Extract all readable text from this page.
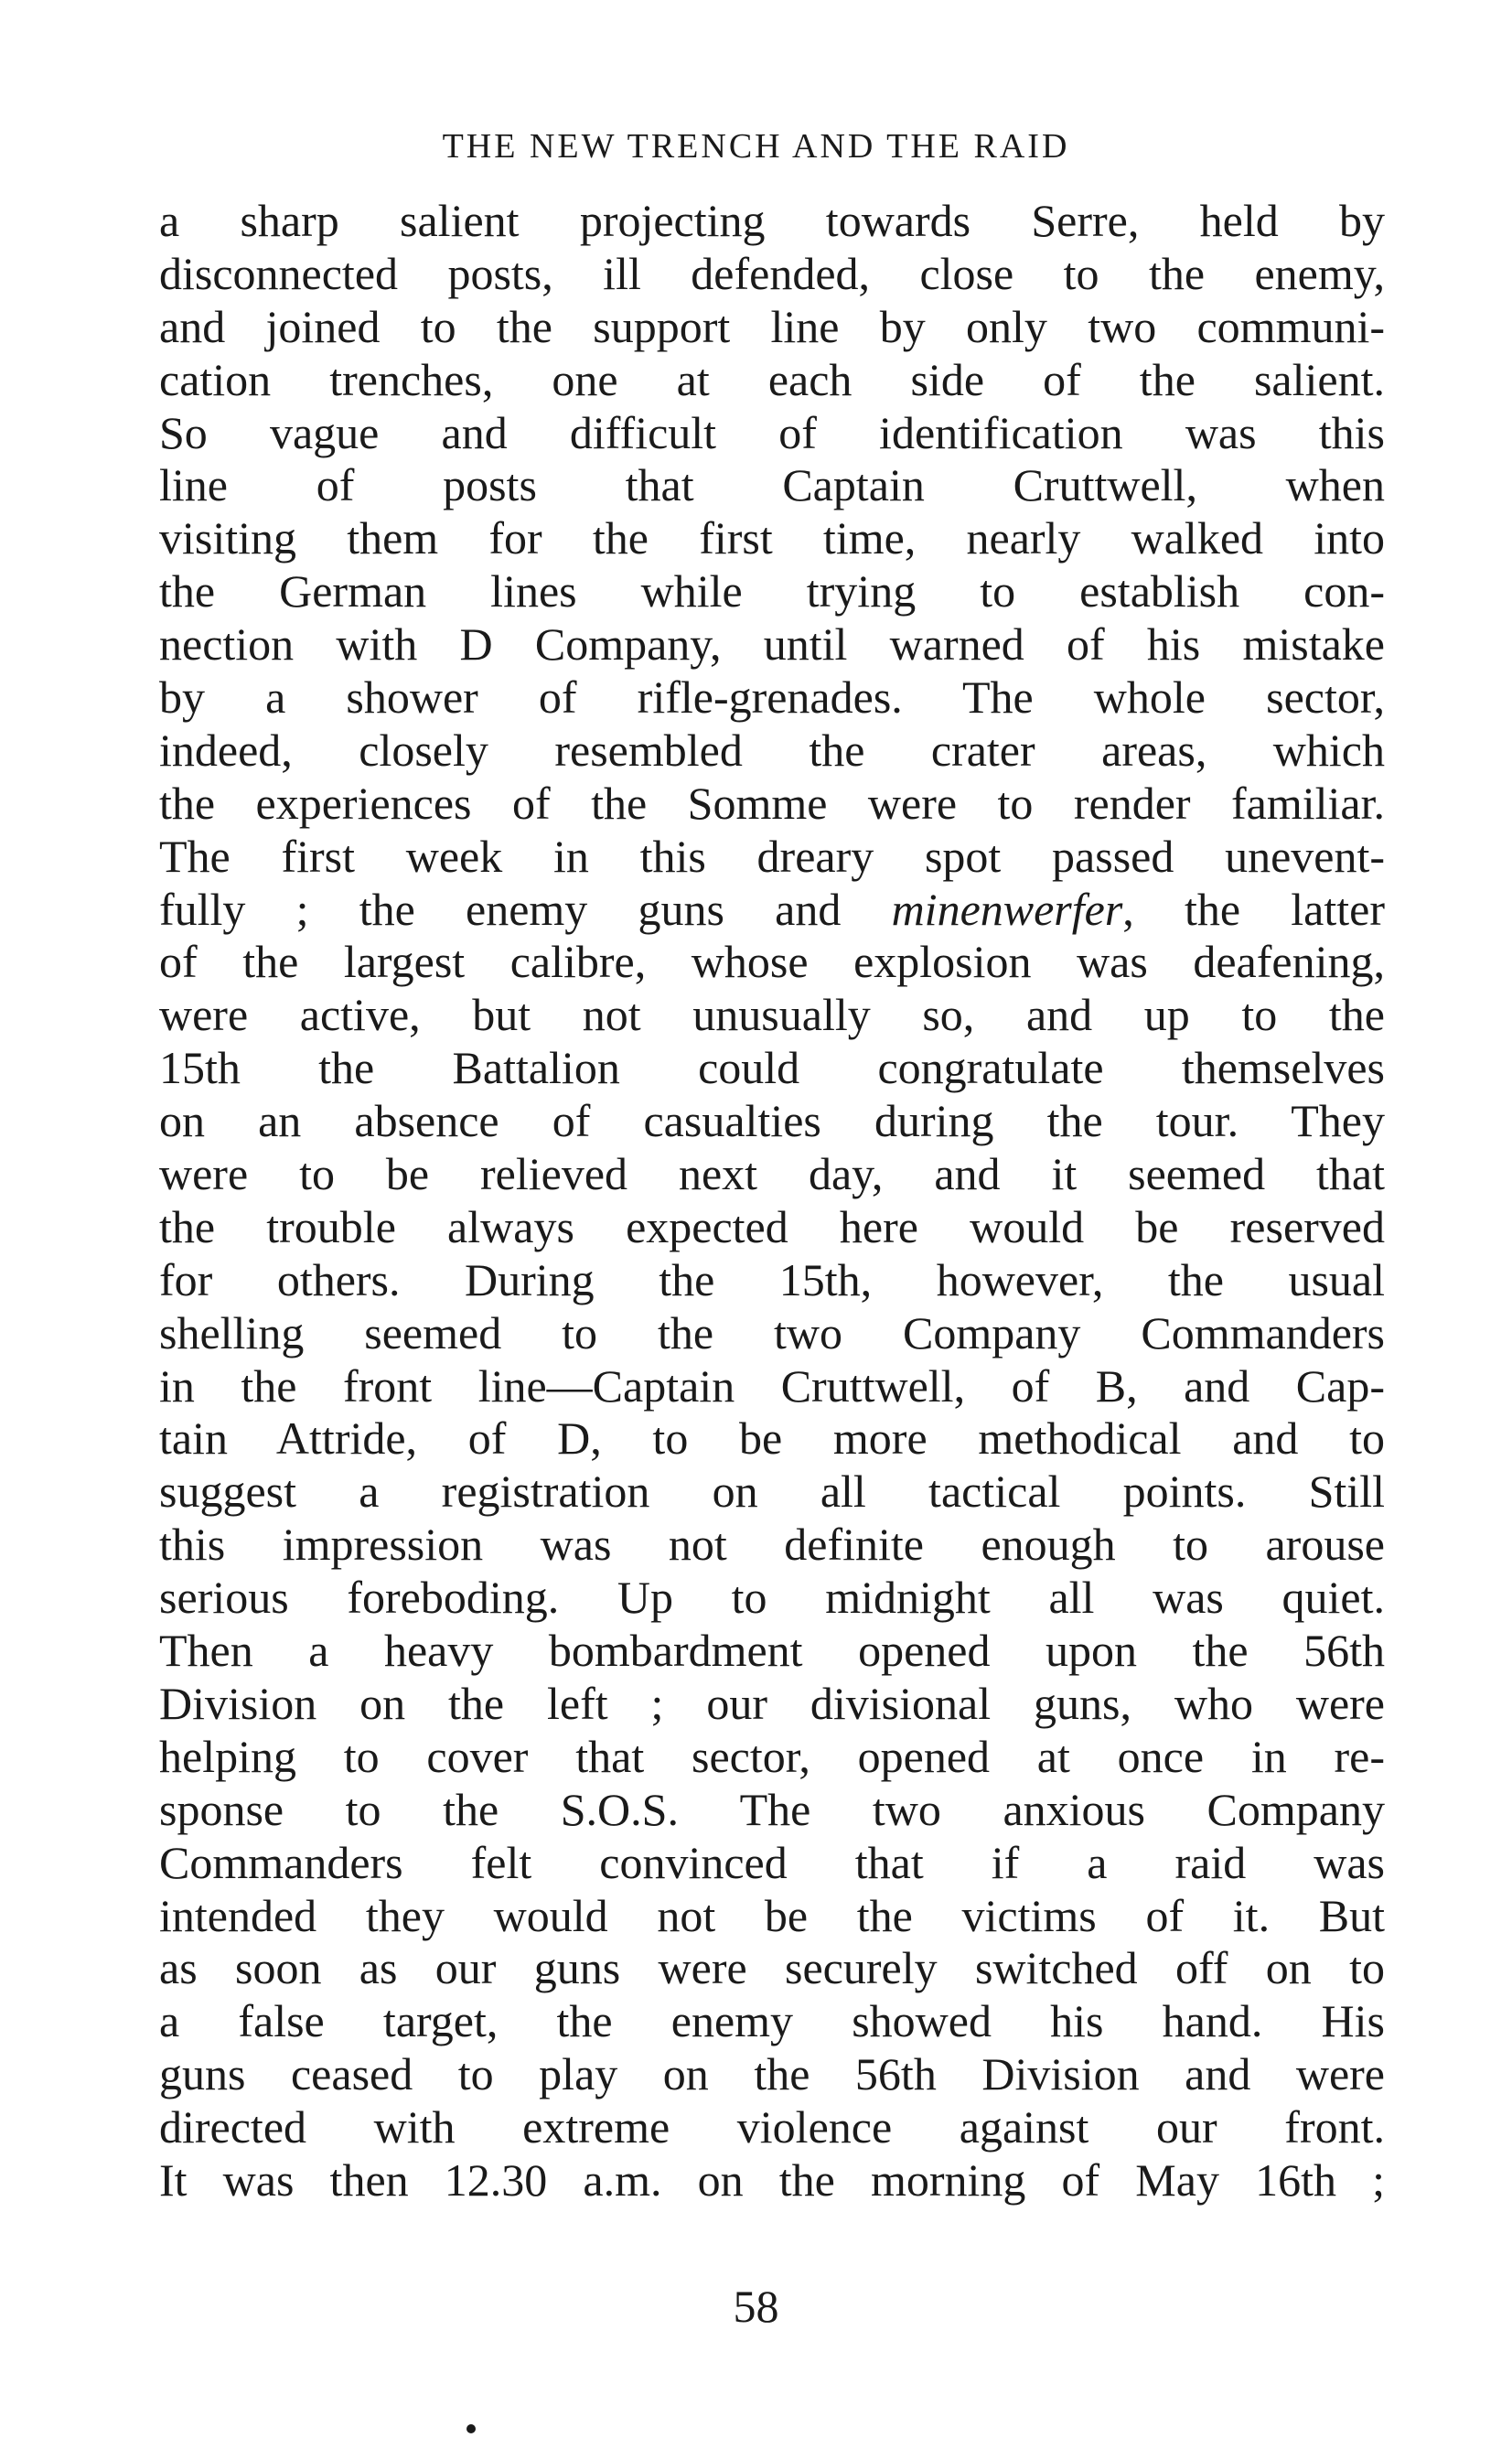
THE NEW TRENCH AND THE RAID
a sharp salient projecting towards Serre, held by
disconnected posts, ill defended, close to the enemy,
and joined to the support line by only two communi-
cation trenches, one at each side of the salient.
So vague and difficult of identification was this
line of posts that Captain Cruttwell, when
visiting them for the first time, nearly walked into
the German lines while trying to establish con-
nection with D Company, until warned of his mistake
by a shower of rifle-grenades. The whole sector,
indeed, closely resembled the crater areas, which
the experiences of the Somme were to render familiar.
The first week in this dreary spot passed unevent-
fully ; the enemy guns and minenwerfer, the latter
of the largest calibre, whose explosion was deafening,
were active, but not unusually so, and up to the
15th the Battalion could congratulate themselves
on an absence of casualties during the tour. They
were to be relieved next day, and it seemed that
the trouble always expected here would be reserved
for others. During the 15th, however, the usual
shelling seemed to the two Company Commanders
in the front line—Captain Cruttwell, of B, and Cap-
tain Attride, of D, to be more methodical and to
suggest a registration on all tactical points. Still
this impression was not definite enough to arouse
serious foreboding. Up to midnight all was quiet.
Then a heavy bombardment opened upon the 56th
Division on the left ; our divisional guns, who were
helping to cover that sector, opened at once in re-
sponse to the S.O.S. The two anxious Company
Commanders felt convinced that if a raid was
intended they would not be the victims of it. But
as soon as our guns were securely switched off on to
a false target, the enemy showed his hand. His
guns ceased to play on the 56th Division and were
directed with extreme violence against our front.
It was then 12.30 a.m. on the morning of May 16th ;
58
